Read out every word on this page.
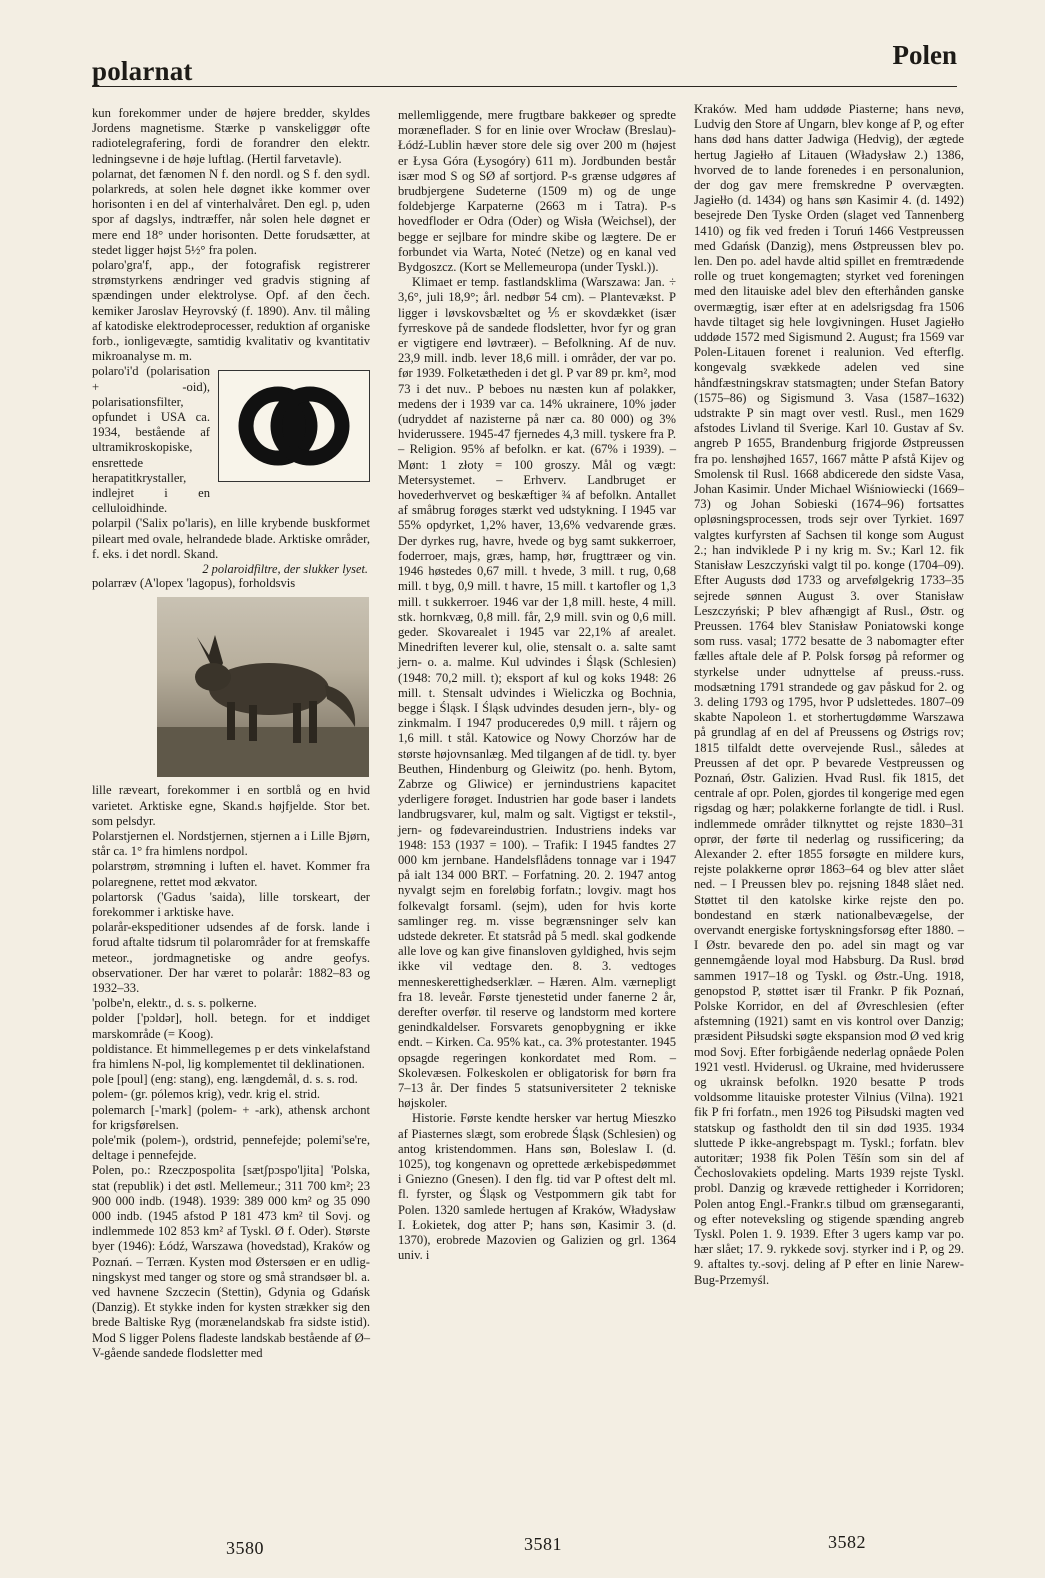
polarnat
Polen

kun forekommer under de højere bredder, skyldes Jordens magnetisme. Stærke p vanskeliggør ofte radiotelegrafering, fordi de forandrer den elektr. ledningsevne i de høje luftlag. (Hertil farvetavle).

polarnat, det fænomen N f. den nordl. og S f. den sydl. polarkreds, at solen hele døgnet ikke kommer over horisonten i en del af vinterhalvåret. Den egl. p, uden spor af dagslys, indtræffer, når solen hele døgnet er mere end 18° under horisonten. Dette forudsætter, at stedet ligger højst 5½° fra polen.

polaro'gra'f, app., der fotografisk registrerer strømstyrkens ændringer ved gradvis stigning af spændingen under elektrolyse. Opf. af den čech. kemiker Jaroslav Heyrovský (f. 1890). Anv. til måling af katodiske elektrodeprocesser, reduktion af organiske forb., ionligevægte, samtidig kvalitativ og kvantitativ mikroanalyse m. m.

polaro'i'd (polarisation + -oid), polarisationsfilter, opfundet i USA ca. 1934, bestående af ultramikroskopiske, ensrettede herapatitkrystaller, indlejret i en celluloidhinde.

polarpil ('Salix po'laris), en lille krybende buskformet pileart med ovale, helrandede blade. Arktiske områder, f. eks. i det nordl. Skand.

2 polaroidfiltre, der slukker lyset.

polarræv (A'lopex 'lagopus), forholdsvis

lille ræveart, forekommer i en sortblå og en hvid varietet. Arktiske egne, Skand.s højfjelde. Stor bet. som pelsdyr.

Polarstjernen el. Nordstjernen, stjernen a i Lille Bjørn, står ca. 1° fra himlens nordpol.

polarstrøm, strømning i luften el. havet. Kommer fra polaregnene, rettet mod ækvator.

polartorsk ('Gadus 'saida), lille torskeart, der forekommer i arktiske have.

polarår-ekspeditioner udsendes af de forsk. lande i forud aftalte tidsrum til polarområder for at fremskaffe meteor., jordmagnetiske og andre geofys. observationer. Der har været to polarår: 1882–83 og 1932–33.

'polbe'n, elektr., d. s. s. polkerne.

polder ['pɔldər], holl. betegn. for et inddiget marskområde (= Koog).

poldistance. Et himmellegemes p er dets vinkelafstand fra himlens N-pol, lig komplementet til deklinationen.

pole [poul] (eng: stang), eng. længdemål, d. s. s. rod.

polem- (gr. pólemos krig), vedr. krig el. strid.

polemarch [-'mark] (polem- + -ark), athensk archont for krigsførelsen.

pole'mik (polem-), ordstrid, pennefejde; polemi'se're, deltage i pennefejde.

Polen, po.: Rzeczpospolita [sætʃpɔspo'ljita] 'Polska, stat (republik) i det østl. Mellemeur.; 311 700 km²; 23 900 000 indb. (1948). 1939: 389 000 km² og 35 090 000 indb. (1945 afstod P 181 473 km² til Sovj. og indlemmede 102 853 km² af Tyskl. Ø f. Oder). Største byer (1946): Łódź, Warszawa (hovedstad), Kraków og Poznań. – Terræn. Kysten mod Østersøen er en udligningskyst med tanger og store og små strandsøer bl. a. ved havnene Szczecin (Stettin), Gdynia og Gdańsk (Danzig). Et stykke inden for kysten strækker sig den brede Baltiske Ryg (morænelandskab fra sidste istid). Mod S ligger Polens fladeste landskab bestående af Ø–V-gående sandede flodsletter med

mellemliggende, mere frugtbare bakkeøer og spredte moræneflader. S for en linie over Wrocław (Breslau)-Łódź-Lublin hæver store dele sig over 200 m (højest er Łysa Góra (Łysogóry) 611 m). Jordbunden består især mod S og SØ af sortjord. P-s grænse udgøres af brudbjergene Sudeterne (1509 m) og de unge foldebjerge Karpaterne (2663 m i Tatra). P-s hovedfloder er Odra (Oder) og Wisła (Weichsel), der begge er sejlbare for mindre skibe og lægtere. De er forbundet via Warta, Noteć (Netze) og en kanal ved Bydgoszcz. (Kort se Mellemeuropa (under Tyskl.)).

Klimaet er temp. fastlandsklima (Warszawa: Jan. ÷ 3,6°, juli 18,9°; årl. nedbør 54 cm). – Plantevækst. P ligger i løvskovsbæltet og ⅕ er skovdækket (især fyrreskove på de sandede flodsletter, hvor fyr og gran er vigtigere end løvtræer). – Befolkning. Af de nuv. 23,9 mill. indb. lever 18,6 mill. i områder, der var po. før 1939. Folketætheden i det gl. P var 89 pr. km², mod 73 i det nuv.. P beboes nu næsten kun af polakker, medens der i 1939 var ca. 14% ukrainere, 10% jøder (udryddet af nazisterne på nær ca. 80 000) og 3% hviderussere. 1945-47 fjernedes 4,3 mill. tyskere fra P. – Religion. 95% af befolkn. er kat. (67% i 1939). – Mønt: 1 złoty = 100 groszy. Mål og vægt: Metersystemet. – Erhverv. Landbruget er hovederhvervet og beskæftiger ¾ af befolkn. Antallet af småbrug forøges stærkt ved udstykning. I 1945 var 55% opdyrket, 1,2% haver, 13,6% vedvarende græs. Der dyrkes rug, havre, hvede og byg samt sukkerroer, foderroer, majs, græs, hamp, hør, frugttræer og vin. 1946 høstedes 0,67 mill. t hvede, 3 mill. t rug, 0,68 mill. t byg, 0,9 mill. t havre, 15 mill. t kartofler og 1,3 mill. t sukkerroer. 1946 var der 1,8 mill. heste, 4 mill. stk. hornkvæg, 0,8 mill. får, 2,9 mill. svin og 0,6 mill. geder. Skovarealet i 1945 var 22,1% af arealet. Minedriften leverer kul, olie, stensalt o. a. salte samt jern- o. a. malme. Kul udvindes i Śląsk (Schlesien) (1948: 70,2 mill. t); eksport af kul og koks 1948: 26 mill. t. Stensalt udvindes i Wieliczka og Bochnia, begge i Śląsk. I Śląsk udvindes desuden jern-, bly- og zinkmalm. I 1947 produceredes 0,9 mill. t råjern og 1,6 mill. t stål. Katowice og Nowy Chorzów har de største højovnsanlæg. Med tilgangen af de tidl. ty. byer Beuthen, Hindenburg og Gleiwitz (po. henh. Bytom, Zabrze og Gliwice) er jernindustriens kapacitet yderligere forøget. Industrien har gode baser i landets landbrugsvarer, kul, malm og salt. Vigtigst er tekstil-, jern- og fødevareindustrien. Industriens indeks var 1948: 153 (1937 = 100). – Trafik: I 1945 fandtes 27 000 km jernbane. Handelsflådens tonnage var i 1947 på ialt 134 000 BRT. – Forfatning. 20. 2. 1947 antog nyvalgt sejm en foreløbig forfatn.; lovgiv. magt hos folkevalgt forsaml. (sejm), uden for hvis korte samlinger reg. m. visse begrænsninger selv kan udstede dekreter. Et statsråd på 5 medl. skal godkende alle love og kan give finansloven gyldighed, hvis sejm ikke vil vedtage den. 8. 3. vedtoges menneskerettighedserklær. – Hæren. Alm. værnepligt fra 18. leveår. Første tjenestetid under fanerne 2 år, derefter overfør. til reserve og landstorm med kortere genindkaldelser. Forsvarets genopbygning er ikke endt. – Kirken. Ca. 95% kat., ca. 3% protestanter. 1945 opsagde regeringen konkordatet med Rom. – Skolevæsen. Folkeskolen er obligatorisk for børn fra 7–13 år. Der findes 5 statsuniversiteter 2 tekniske højskoler.

Historie. Første kendte hersker var hertug Mieszko af Piasternes slægt, som erobrede Śląsk (Schlesien) og antog kristendommen. Hans søn, Boleslaw I. (d. 1025), tog kongenavn og oprettede ærkebispedømmet i Gniezno (Gnesen). I den flg. tid var P oftest delt ml. fl. fyrster, og Śląsk og Vestpommern gik tabt for Polen. 1320 samlede hertugen af Kraków, Władysław I. Łokietek, dog atter P; hans søn, Kasimir 3. (d. 1370), erobrede Mazovien og Galizien og grl. 1364 univ. i

Kraków. Med ham uddøde Piasterne; hans nevø, Ludvig den Store af Ungarn, blev konge af P, og efter hans død hans datter Jadwiga (Hedvig), der ægtede hertug Jagiełło af Litauen (Władysław 2.) 1386, hvorved de to lande forenedes i en personalunion, der dog gav mere fremskredne P overvægten. Jagiełło (d. 1434) og hans søn Kasimir 4. (d. 1492) besejrede Den Tyske Orden (slaget ved Tannenberg 1410) og fik ved freden i Toruń 1466 Vestpreussen med Gdańsk (Danzig), mens Østpreussen blev po. len. Den po. adel havde altid spillet en fremtrædende rolle og truet kongemagten; styrket ved foreningen med den litauiske adel blev den efterhånden ganske overmægtig, især efter at en adelsrigsdag fra 1506 havde tiltaget sig hele lovgivningen. Huset Jagiełło uddøde 1572 med Sigismund 2. August; fra 1569 var Polen-Litauen forenet i realunion. Ved efterflg. kongevalg svækkede adelen ved sine håndfæstningskrav statsmagten; under Stefan Batory (1575–86) og Sigismund 3. Vasa (1587–1632) udstrakte P sin magt over vestl. Rusl., men 1629 afstodes Livland til Sverige. Karl 10. Gustav af Sv. angreb P 1655, Brandenburg frigjorde Østpreussen fra po. lenshøjhed 1657, 1667 måtte P afstå Kijev og Smolensk til Rusl. 1668 abdicerede den sidste Vasa, Johan Kasimir. Under Michael Wiśniowiecki (1669–73) og Johan Sobieski (1674–96) fortsattes opløsningsprocessen, trods sejr over Tyrkiet. 1697 valgtes kurfyrsten af Sachsen til konge som August 2.; han indviklede P i ny krig m. Sv.; Karl 12. fik Stanisław Leszczyński valgt til po. konge (1704–09). Efter Augusts død 1733 og arvefølgekrig 1733–35 sejrede sønnen August 3. over Stanisław Leszczyński; P blev afhængigt af Rusl., Østr. og Preussen. 1764 blev Stanisław Poniatowski konge som russ. vasal; 1772 besatte de 3 nabomagter efter fælles aftale dele af P. Polsk forsøg på reformer og styrkelse under udnyttelse af preuss.-russ. modsætning 1791 strandede og gav påskud for 2. og 3. deling 1793 og 1795, hvor P udslettedes. 1807–09 skabte Napoleon 1. et storhertugdømme Warszawa på grundlag af en del af Preussens og Østrigs rov; 1815 tilfaldt dette overvejende Rusl., således at Preussen af det opr. P bevarede Vestpreussen og Poznań, Østr. Galizien. Hvad Rusl. fik 1815, det centrale af opr. Polen, gjordes til kongerige med egen rigsdag og hær; polakkerne forlangte de tidl. i Rusl. indlemmede områder tilknyttet og rejste 1830–31 oprør, der førte til nederlag og russificering; da Alexander 2. efter 1855 forsøgte en mildere kurs, rejste polakkerne oprør 1863–64 og blev atter slået ned. – I Preussen blev po. rejsning 1848 slået ned. Støttet til den katolske kirke rejste den po. bondestand en stærk nationalbevægelse, der overvandt energiske fortyskningsforsøg efter 1880. – I Østr. bevarede den po. adel sin magt og var gennemgående loyal mod Habsburg. Da Rusl. brød sammen 1917–18 og Tyskl. og Østr.-Ung. 1918, genopstod P, støttet især til Frankr. P fik Poznań, Polske Korridor, en del af Øvreschlesien (efter afstemning (1921) samt en vis kontrol over Danzig; præsident Piłsudski søgte ekspansion mod Ø ved krig mod Sovj. Efter forbigående nederlag opnåede Polen 1921 vestl. Hviderusl. og Ukraine, med hviderussere og ukrainsk befolkn. 1920 besatte P trods voldsomme litauiske protester Vilnius (Vilna). 1921 fik P fri forfatn., men 1926 tog Piłsudski magten ved statskup og fastholdt den til sin død 1935. 1934 sluttede P ikke-angrebspagt m. Tyskl.; forfatn. blev autoritær; 1938 fik Polen Těšín som sin del af Čechoslovakiets opdeling. Marts 1939 rejste Tyskl. probl. Danzig og krævede rettigheder i Korridoren; Polen antog Engl.-Frankr.s tilbud om grænsegaranti, og efter noteveksling og stigende spænding angreb Tyskl. Polen 1. 9. 1939. Efter 3 ugers kamp var po. hær slået; 17. 9. rykkede sovj. styrker ind i P, og 29. 9. aftaltes ty.-sovj. deling af P efter en linie Narew-Bug-Przemyśl.

3580	3581	3582
